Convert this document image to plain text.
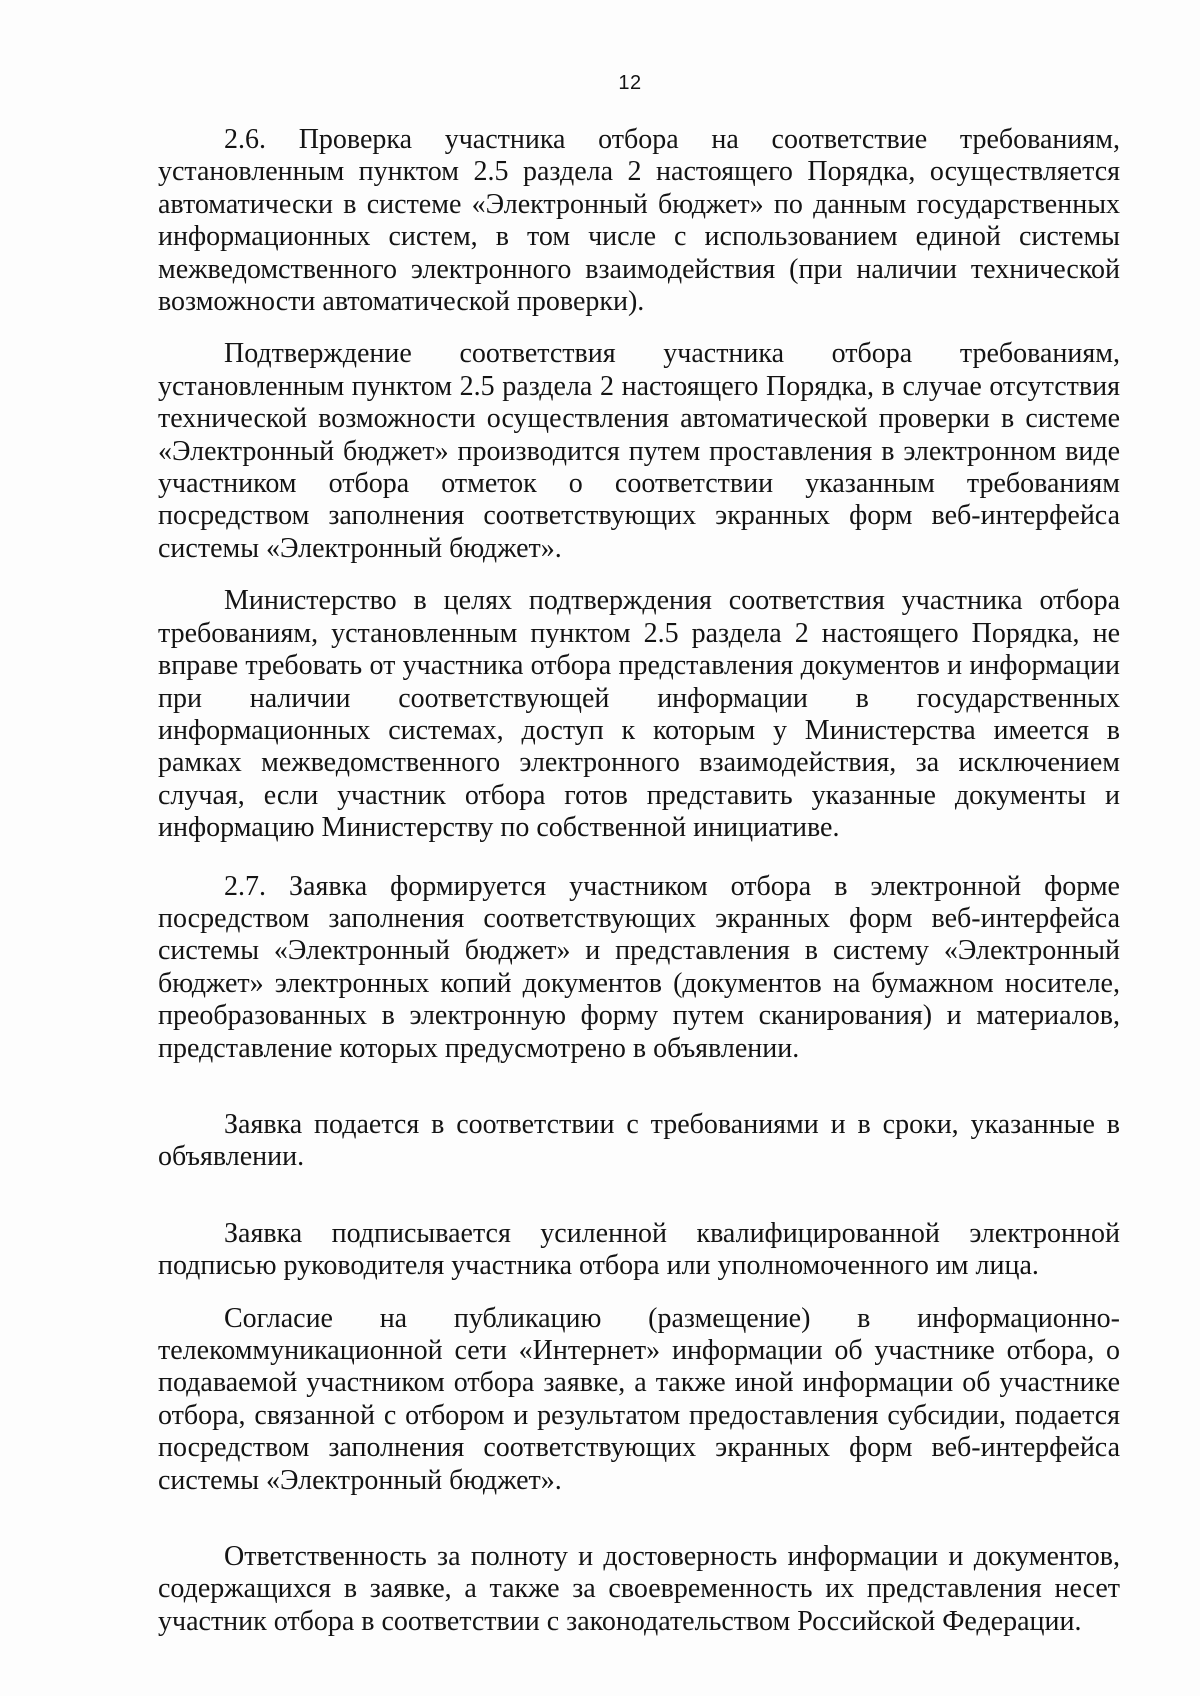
12

2.6. Проверка участника отбора на соответствие требованиям, установленным пунктом 2.5 раздела 2 настоящего Порядка, осуществляется автоматически в системе «Электронный бюджет» по данным государственных информационных систем, в том числе с использованием единой системы межведомственного электронного взаимодействия (при наличии технической возможности автоматической проверки).

Подтверждение соответствия участника отбора требованиям, установленным пунктом 2.5 раздела 2 настоящего Порядка, в случае отсутствия технической возможности осуществления автоматической проверки в системе «Электронный бюджет» производится путем проставления в электронном виде участником отбора отметок о соответствии указанным требованиям посредством заполнения соответствующих экранных форм веб-интерфейса системы «Электронный бюджет».

Министерство в целях подтверждения соответствия участника отбора требованиям, установленным пунктом 2.5 раздела 2 настоящего Порядка, не вправе требовать от участника отбора представления документов и информации при наличии соответствующей информации в государственных информационных системах, доступ к которым у Министерства имеется в рамках межведомственного электронного взаимодействия, за исключением случая, если участник отбора готов представить указанные документы и информацию Министерству по собственной инициативе.

2.7. Заявка формируется участником отбора в электронной форме посредством заполнения соответствующих экранных форм веб-интерфейса системы «Электронный бюджет» и представления в систему «Электронный бюджет» электронных копий документов (документов на бумажном носителе, преобразованных в электронную форму путем сканирования) и материалов, представление которых предусмотрено в объявлении.

Заявка подается в соответствии с требованиями и в сроки, указанные в объявлении.

Заявка подписывается усиленной квалифицированной электронной подписью руководителя участника отбора или уполномоченного им лица.

Согласие на публикацию (размещение) в информационно-телекоммуникационной сети «Интернет» информации об участнике отбора, о подаваемой участником отбора заявке, а также иной информации об участнике отбора, связанной с отбором и результатом предоставления субсидии, подается посредством заполнения соответствующих экранных форм веб-интерфейса системы «Электронный бюджет».

Ответственность за полноту и достоверность информации и документов, содержащихся в заявке, а также за своевременность их представления несет участник отбора в соответствии с законодательством Российской Федерации.
